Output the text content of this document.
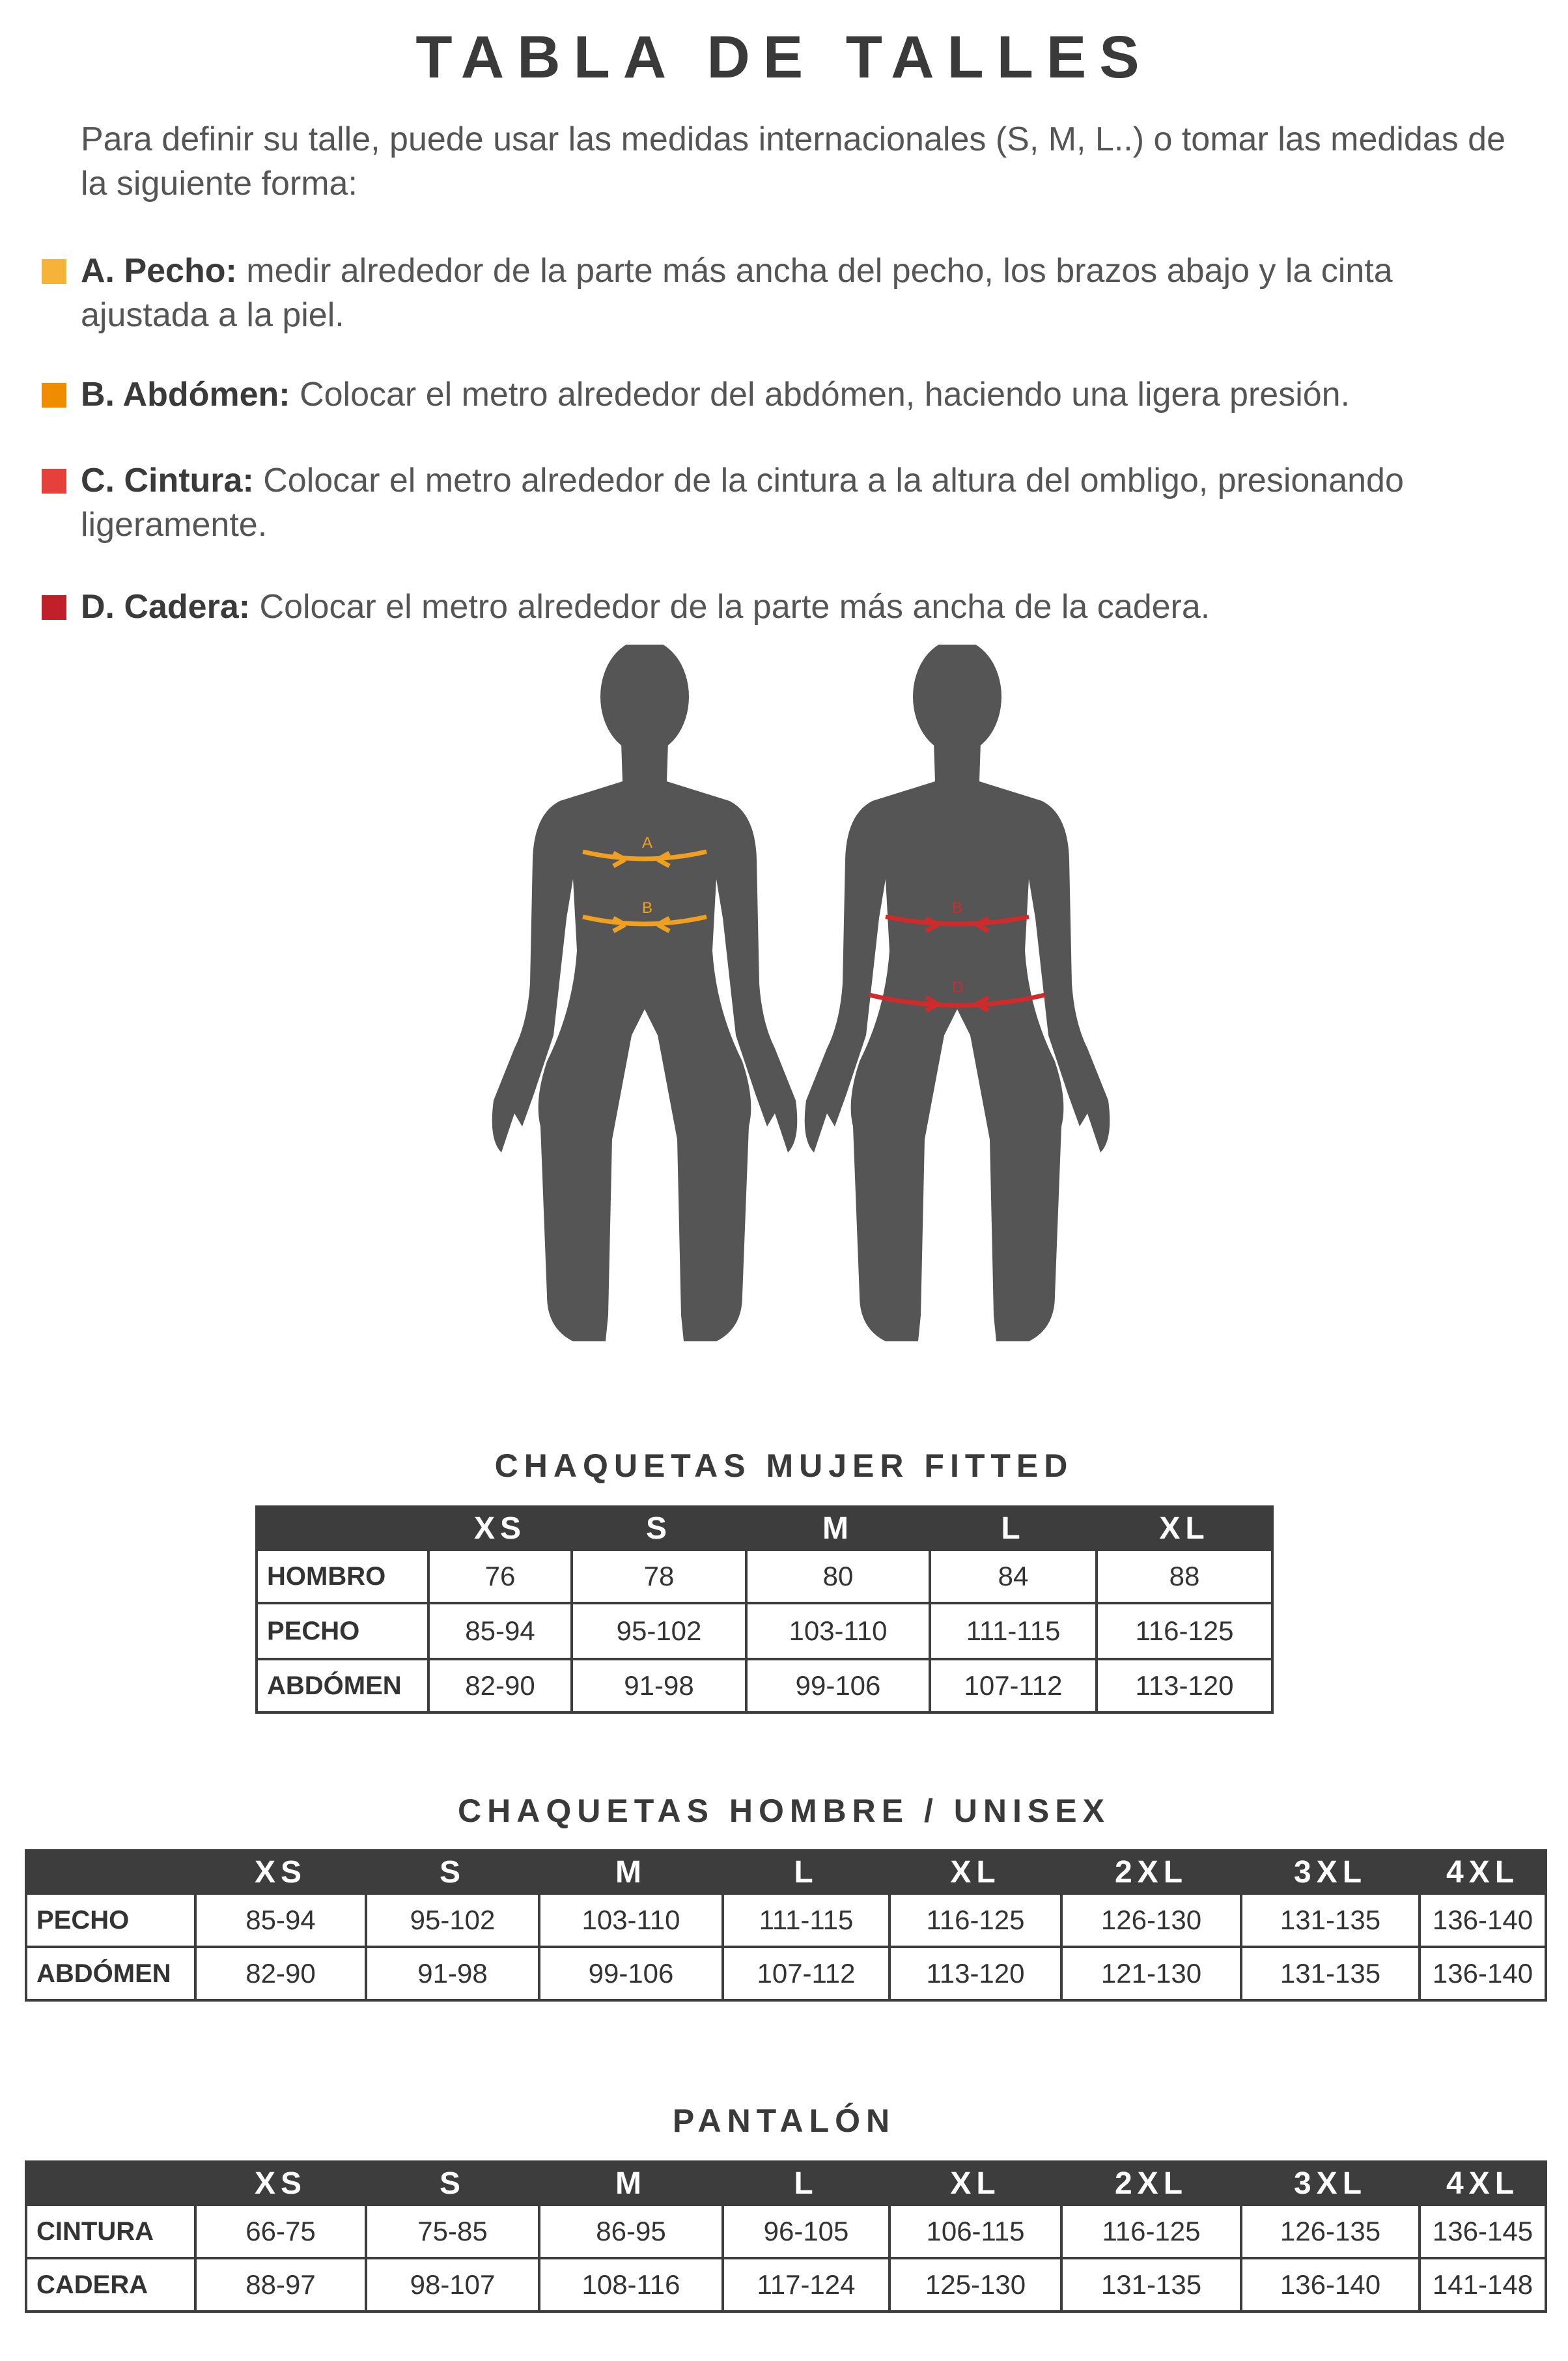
TABLA DE TALLES
Para definir su talle, puede usar las medidas internacionales (S, M, L..) o tomar las medidas de la siguiente forma:
A. Pecho: medir alrededor de la parte más ancha del pecho, los brazos abajo y la cinta ajustada a la piel.
B. Abdómen: Colocar el metro alrededor del abdómen, haciendo una ligera presión.
C. Cintura: Colocar el metro alrededor de la cintura a la altura del ombligo, presionando ligeramente.
D. Cadera: Colocar el metro alrededor de la parte más ancha de la cadera.
A
B	B
D
CHAQUETAS MUJER FITTED
	XS	S	M	L	XL
HOMBRO	76	78	80	84	88
PECHO	85-94	95-102	103-110	111-115	116-125
ABDÓMEN	82-90	91-98	99-106	107-112	113-120
CHAQUETAS HOMBRE / UNISEX
	XS	S	M	L	XL	2XL	3XL	4XL
PECHO	85-94	95-102	103-110	111-115	116-125	126-130	131-135	136-140
ABDÓMEN	82-90	91-98	99-106	107-112	113-120	121-130	131-135	136-140
PANTALÓN
	XS	S	M	L	XL	2XL	3XL	4XL
CINTURA	66-75	75-85	86-95	96-105	106-115	116-125	126-135	136-145
CADERA	88-97	98-107	108-116	117-124	125-130	131-135	136-140	141-148
